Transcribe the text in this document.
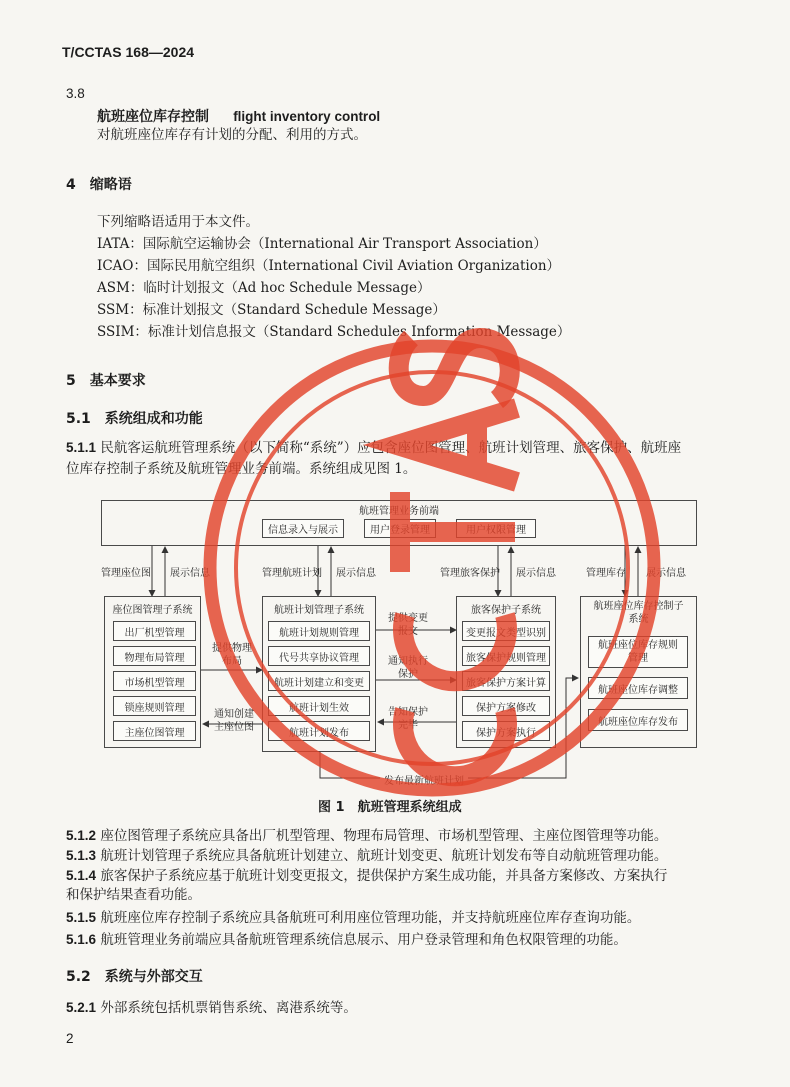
T/CCTAS 168—2024
3.8
航班座位库存控制 flight inventory control
对航班座位库存有计划的分配、利用的方式。
4　缩略语
下列缩略语适用于本文件。
IATA：国际航空运输协会（International Air Transport Association）
ICAO：国际民用航空组织（International Civil Aviation Organization）
ASM：临时计划报文（Ad hoc Schedule Message）
SSM：标准计划报文（Standard Schedule Message）
SSIM：标准计划信息报文（Standard Schedules Information Message）
5　基本要求
5.1　系统组成和功能
5.1.1 民航客运航班管理系统（以下简称“系统”）应包含座位图管理、航班计划管理、旅客保护、航班座
位库存控制子系统及航班管理业务前端。系统组成见图 1。
航班管理业务前端
信息录入与展示	用户登录管理	用户权限管理
管理座位图 展示信息	管理航班计划 展示信息	管理旅客保护 展示信息	管理库存 展示信息
座位图管理子系统
出厂机型管理
物理布局管理
市场机型管理
锁座规则管理
主座位图管理
航班计划管理子系统
航班计划规则管理
代号共享协议管理
航班计划建立和变更
航班计划生效
航班计划发布
旅客保护子系统
变更报文类型识别
旅客保护规则管理
旅客保护方案计算
保护方案修改
保护方案执行
航班座位库存控制子系统
航班座位库存规则管理
航班座位库存调整
航班座位库存发布
提供物理布局
通知创建主座位图
提供变更报文
通知执行保护
告知保护完毕
发布最新航班计划
图 1　航班管理系统组成
5.1.2 座位图管理子系统应具备出厂机型管理、物理布局管理、市场机型管理、主座位图管理等功能。
5.1.3 航班计划管理子系统应具备航班计划建立、航班计划变更、航班计划发布等自动航班管理功能。
5.1.4 旅客保护子系统应基于航班计划变更报文，提供保护方案生成功能，并具备方案修改、方案执行
和保护结果查看功能。
5.1.5 航班座位库存控制子系统应具备航班可利用座位管理功能，并支持航班座位库存查询功能。
5.1.6 航班管理业务前端应具备航班管理系统信息展示、用户登录管理和角色权限管理的功能。
5.2　系统与外部交互
5.2.1 外部系统包括机票销售系统、离港系统等。
2
